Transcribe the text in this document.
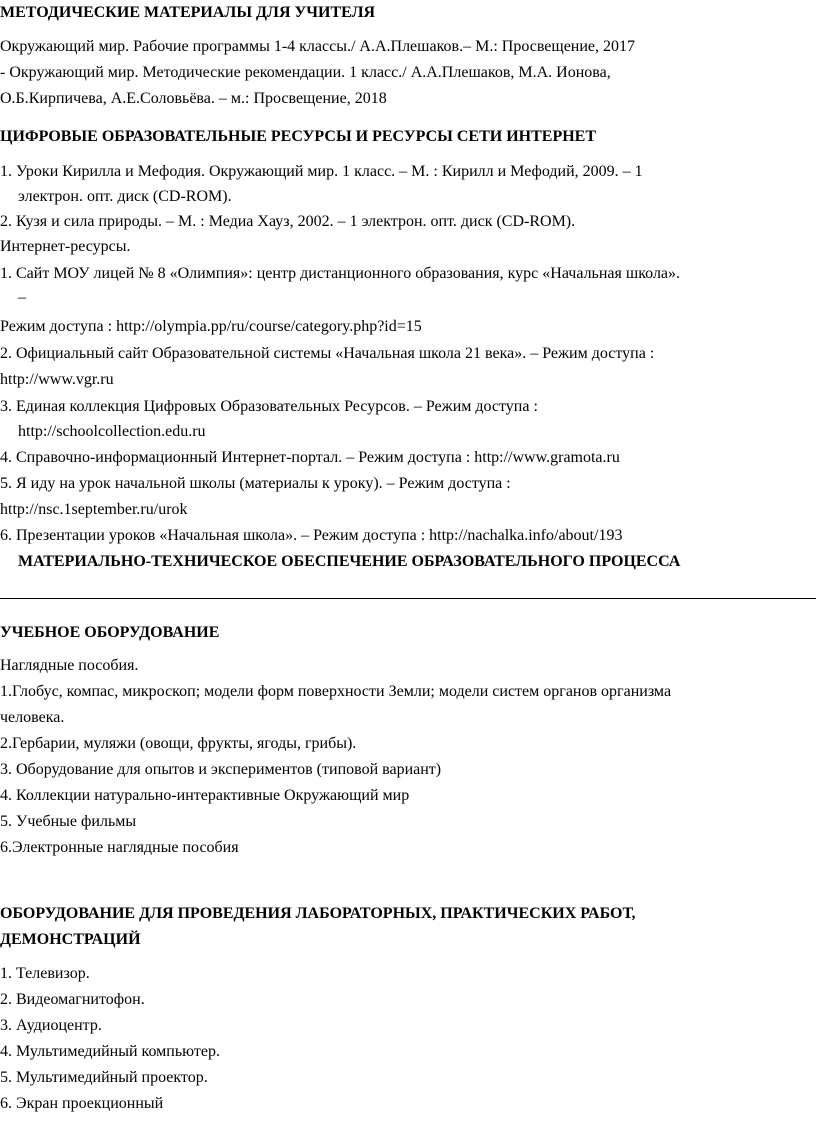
МЕТОДИЧЕСКИЕ МАТЕРИАЛЫ ДЛЯ УЧИТЕЛЯ
Окружающий мир. Рабочие программы 1-4 классы./ А.А.Плешаков.– М.: Просвещение, 2017
- Окружающий мир. Методические рекомендации. 1 класс./ А.А.Плешаков, М.А. Ионова,
О.Б.Кирпичева, А.Е.Соловьёва. – м.: Просвещение, 2018
ЦИФРОВЫЕ ОБРАЗОВАТЕЛЬНЫЕ РЕСУРСЫ И РЕСУРСЫ СЕТИ ИНТЕРНЕТ
1. Уроки Кирилла и Мефодия. Окружающий мир. 1 класс. – М. : Кирилл и Мефодий, 2009. – 1
электрон. опт. диск (CD-ROM).
2. Кузя и сила природы. – М. : Медиа Хауз, 2002. – 1 электрон. опт. диск (CD-ROM).
Интернет-ресурсы.
1. Сайт МОУ лицей № 8 «Олимпия»: центр дистанционного образования, курс «Начальная школа».
–
Режим доступа : http://olympia.pp/ru/course/category.php?id=15
2. Официальный сайт Образовательной системы «Начальная школа 21 века». – Режим доступа :
http://www.vgr.ru
3. Единая коллекция Цифровых Образовательных Ресурсов. – Режим доступа :
http://schoolcollection.edu.ru
4. Справочно-информационный Интернет-портал. – Режим доступа : http://www.gramota.ru
5. Я иду на урок начальной школы (материалы к уроку). – Режим доступа :
http://nsc.1september.ru/urok
6. Презентации уроков «Начальная школа». – Режим доступа : http://nachalka.info/about/193
МАТЕРИАЛЬНО-ТЕХНИЧЕСКОЕ ОБЕСПЕЧЕНИЕ ОБРАЗОВАТЕЛЬНОГО ПРОЦЕССА
УЧЕБНОЕ ОБОРУДОВАНИЕ
Наглядные пособия.
1.Глобус, компас, микроскоп; модели форм поверхности Земли; модели систем органов организма
человека.
2.Гербарии, муляжи (овощи, фрукты, ягоды, грибы).
3. Оборудование для опытов и экспериментов (типовой вариант)
4. Коллекции натурально-интерактивные Окружающий мир
5. Учебные фильмы
6.Электронные наглядные пособия
ОБОРУДОВАНИЕ ДЛЯ ПРОВЕДЕНИЯ ЛАБОРАТОРНЫХ, ПРАКТИЧЕСКИХ РАБОТ,
ДЕМОНСТРАЦИЙ
1. Телевизор.
2. Видеомагнитофон.
3. Аудиоцентр.
4. Мультимедийный компьютер.
5. Мультимедийный проектор.
6. Экран проекционный
